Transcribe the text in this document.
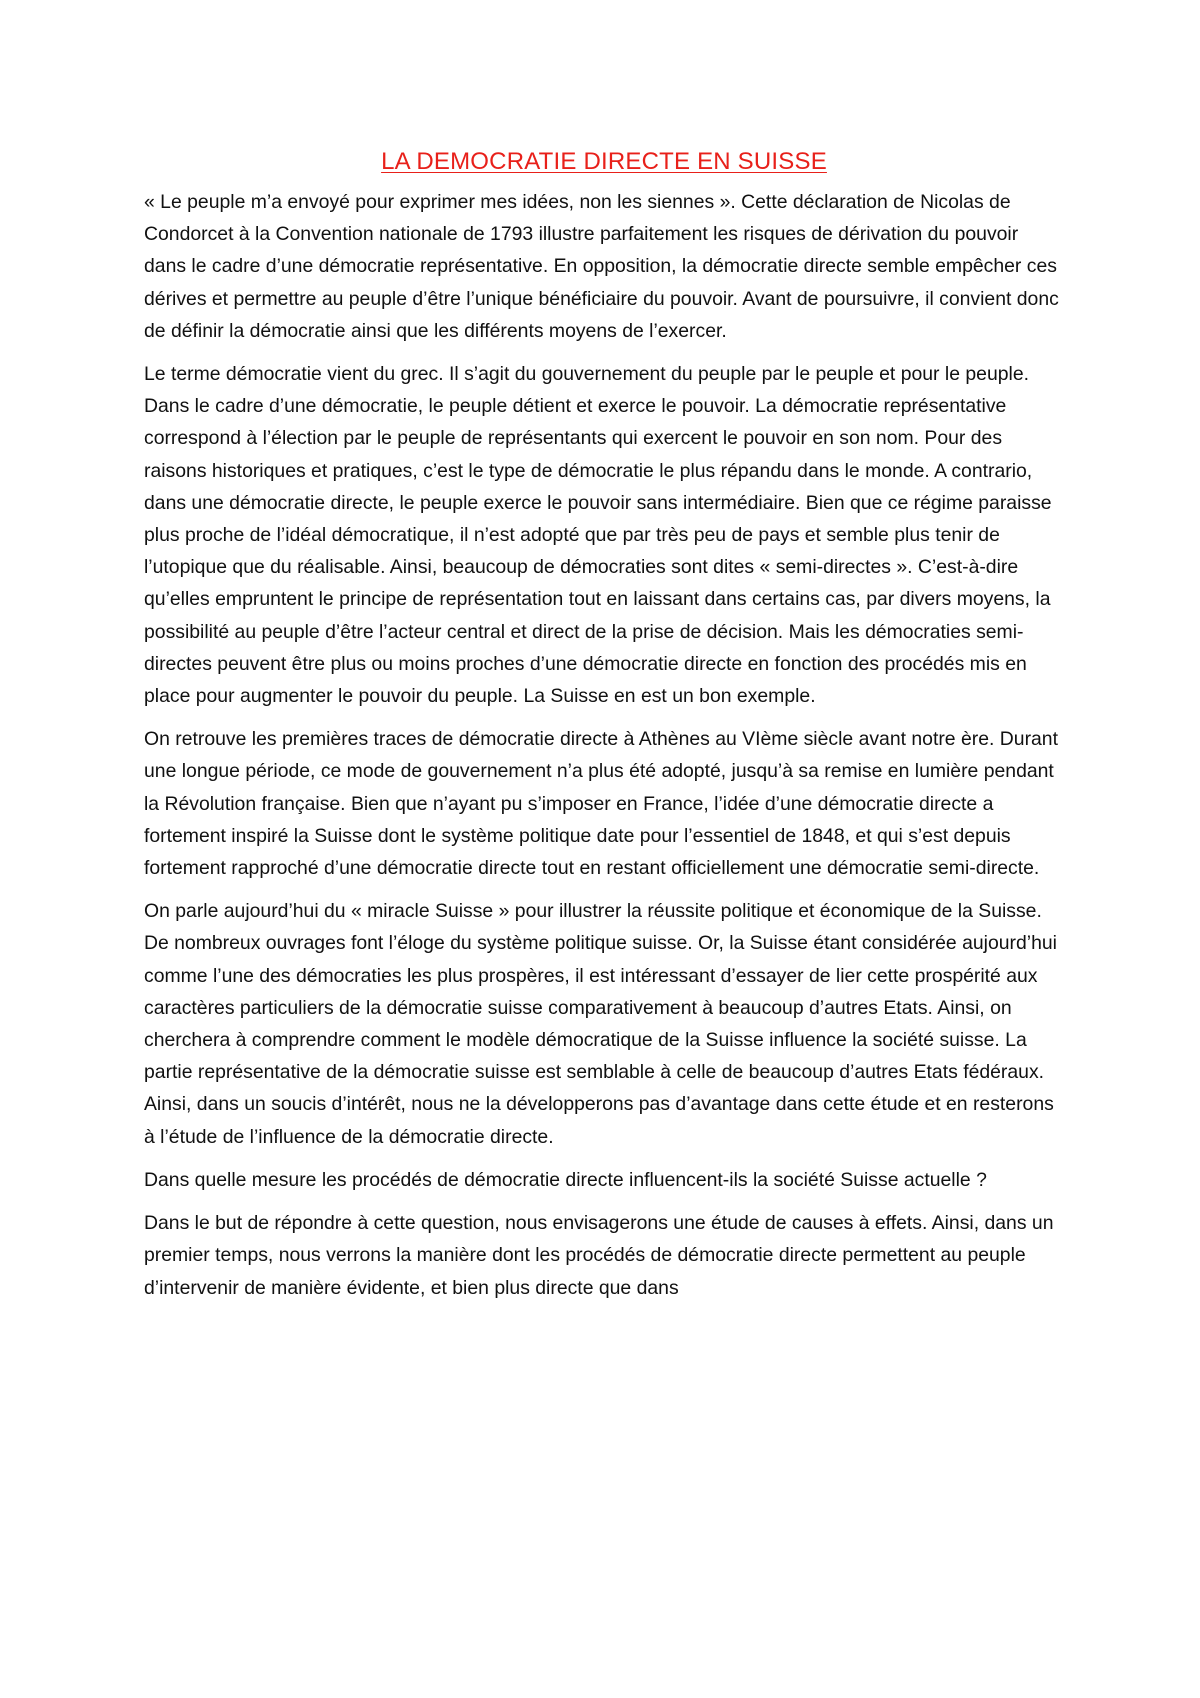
LA DEMOCRATIE DIRECTE EN SUISSE

« Le peuple m’a envoyé pour exprimer mes idées, non les siennes ». Cette déclaration de Nicolas de Condorcet à la Convention nationale de 1793 illustre parfaitement les risques de dérivation du pouvoir dans le cadre d’une démocratie représentative. En opposition, la démocratie directe semble empêcher ces dérives et permettre au peuple d’être l’unique bénéficiaire du pouvoir. Avant de poursuivre, il convient donc de définir la démocratie ainsi que les différents moyens de l’exercer.

Le terme démocratie vient du grec. Il s’agit du gouvernement du peuple par le peuple et pour le peuple. Dans le cadre d’une démocratie, le peuple détient et exerce le pouvoir. La démocratie représentative correspond à l’élection par le peuple de représentants qui exercent le pouvoir en son nom. Pour des raisons historiques et pratiques, c’est le type de démocratie le plus répandu dans le monde. A contrario, dans une démocratie directe, le peuple exerce le pouvoir sans intermédiaire. Bien que ce régime paraisse plus proche de l’idéal démocratique, il n’est adopté que par très peu de pays et semble plus tenir de l’utopique que du réalisable. Ainsi, beaucoup de démocraties sont dites « semi-directes ». C’est-à-dire qu’elles empruntent le principe de représentation tout en laissant dans certains cas, par divers moyens, la possibilité au peuple d’être l’acteur central et direct de la prise de décision. Mais les démocraties semi-directes peuvent être plus ou moins proches d’une démocratie directe en fonction des procédés mis en place pour augmenter le pouvoir du peuple. La Suisse en est un bon exemple.

On retrouve les premières traces de démocratie directe à Athènes au VIème siècle avant notre ère. Durant une longue période, ce mode de gouvernement n’a plus été adopté, jusqu’à sa remise en lumière pendant la Révolution française. Bien que n’ayant pu s’imposer en France, l’idée d’une démocratie directe a fortement inspiré la Suisse dont le système politique date pour l’essentiel de 1848, et qui s’est depuis fortement rapproché d’une démocratie directe tout en restant officiellement une démocratie semi-directe.

On parle aujourd’hui du « miracle Suisse » pour illustrer la réussite politique et économique de la Suisse. De nombreux ouvrages font l’éloge du système politique suisse. Or, la Suisse étant considérée aujourd’hui comme l’une des démocraties les plus prospères, il est intéressant d’essayer de lier cette prospérité aux caractères particuliers de la démocratie suisse comparativement à beaucoup d’autres Etats. Ainsi, on cherchera à comprendre comment le modèle démocratique de la Suisse influence la société suisse. La partie représentative de la démocratie suisse est semblable à celle de beaucoup d’autres Etats fédéraux. Ainsi, dans un soucis d’intérêt, nous ne la développerons pas d’avantage dans cette étude et en resterons à l’étude de l’influence de la démocratie directe.

Dans quelle mesure les procédés de démocratie directe influencent-ils la société Suisse actuelle ?

Dans le but de répondre à cette question, nous envisagerons une étude de causes à effets. Ainsi, dans un premier temps, nous verrons la manière dont les procédés de démocratie directe permettent au peuple d’intervenir de manière évidente, et bien plus directe que dans
